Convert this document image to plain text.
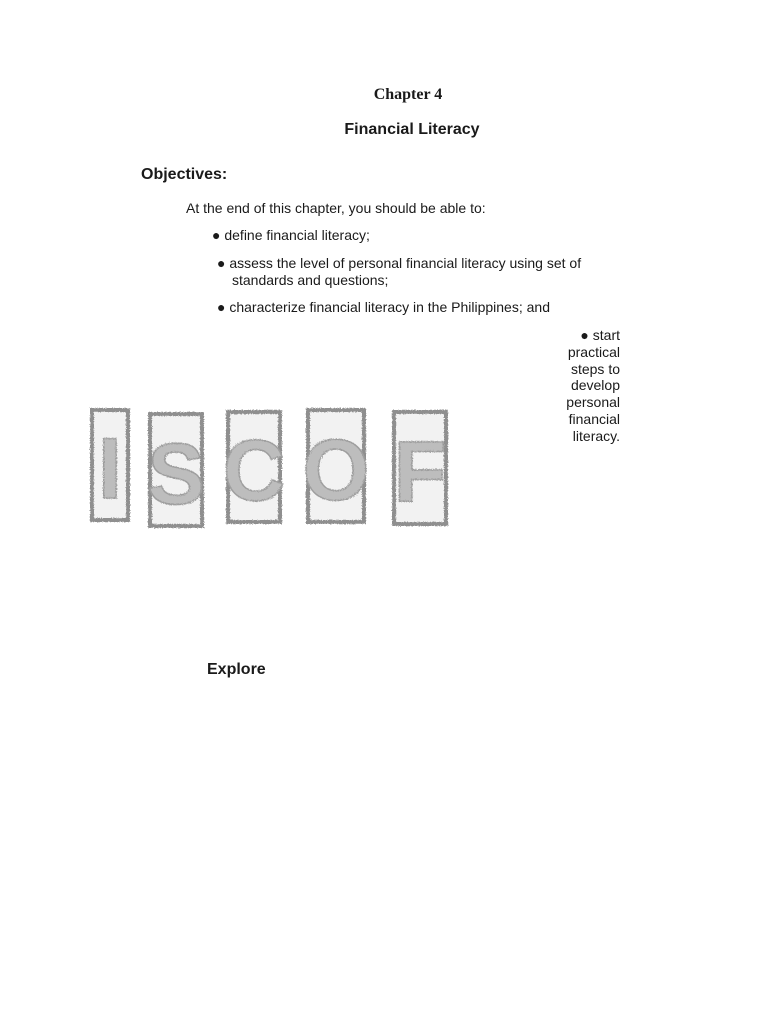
Chapter 4
Financial Literacy
Objectives:
At the end of this chapter, you should be able to:
● define financial literacy;
● assess the level of personal financial literacy using set of
standards and questions;
● characterize financial literacy in the Philippines; and
● start
practical
steps to
develop
personal
financial
literacy.
I S C O F
Explore
